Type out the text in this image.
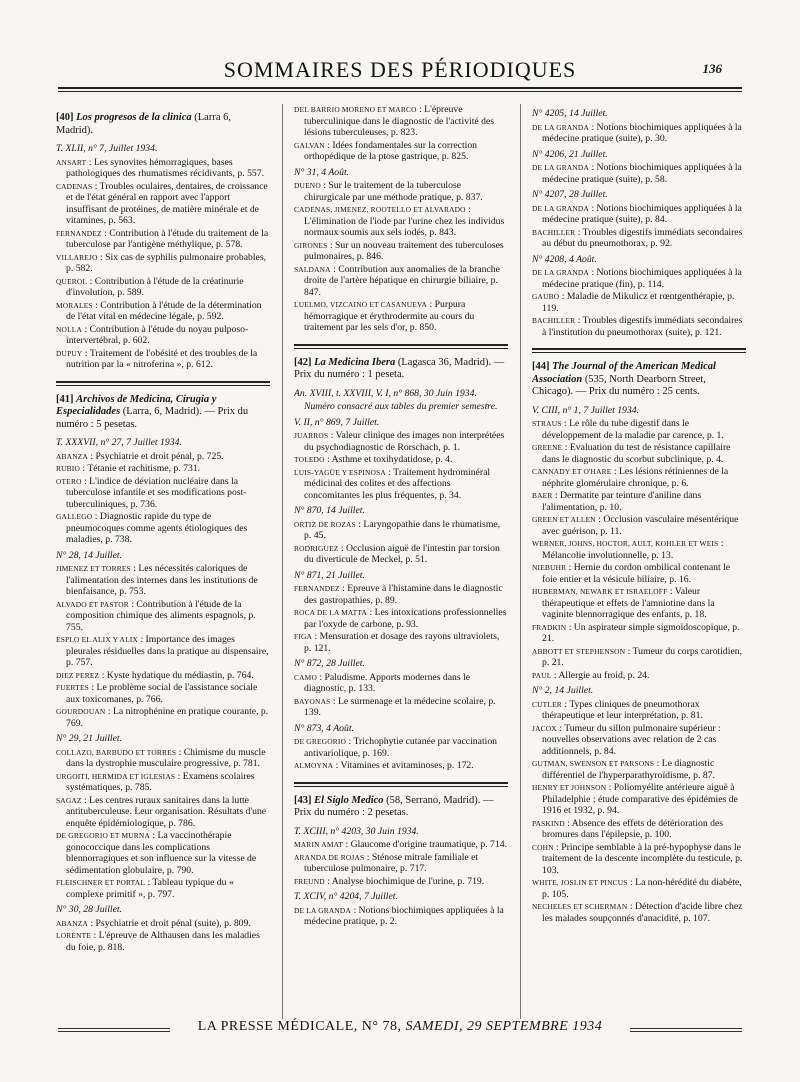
SOMMAIRES DES PÉRIODIQUES	136
[40] Los progresos de la clinica (Larra 6, Madrid).
T. XLII, n° 7, Juillet 1934.
ANSART : Les synovites hémorragiques, bases pathologiques des rhumatismes récidivants, p. 557.
CADENAS : Troubles oculaires, dentaires, de croissance et de l'état général en rapport avec l'apport insuffisant de protéines, de matière minérale et de vitamines, p. 563.
FERNANDEZ : Contribution à l'étude du traitement de la tuberculose par l'antigène méthylique, p. 578.
VILLAREJO : Six cas de syphilis pulmonaire probables, p. 582.
QUEROL : Contribution à l'étude de la créatinurie d'involution, p. 589.
MORALES : Contribution à l'étude de la détermination de l'état vital en médecine légale, p. 592.
NOLLA : Contribution à l'étude du noyau pulposo-intervertébral, p. 602.
DUPUY : Traitement de l'obésité et des troubles de la nutrition par la « nitroferina », p. 612.
[41] Archivos de Medicina, Cirugia y Especialidades (Larra, 6, Madrid). — Prix du numéro : 5 pesetas.
T. XXXVII, n° 27, 7 Juillet 1934.
ABANZA : Psychiatrie et droit pénal, p. 725.
RUBIO : Tétanie et rachitisme, p. 731.
OTERO : L'indice de déviation nucléaire dans la tuberculose infantile et ses modifications post-tuberculiniques, p. 736.
GALLEGO : Diagnostic rapide du type de pneumocoques comme agents étiologiques des maladies, p. 738.
N° 28, 14 Juillet.
JIMENEZ ET TORRES : Les nécessités caloriques de l'alimentation des internes dans les institutions de bienfaisance, p. 753.
ALVADO ET PASTOR : Contribution à l'étude de la composition chimique des aliments espagnols, p. 755.
ESPLO EL ALIX Y ALIX : Importance des images pleurales résiduelles dans la pratique au dispensaire, p. 757.
DIEZ PEREZ : Kyste hydatique du médiastin, p. 764.
FUERTES : Le problème social de l'assistance sociale aux toxicomanes, p. 766.
GOURDOUAN : La nitrophénine en pratique courante, p. 769.
N° 29, 21 Juillet.
COLLAZO, BARBUDO ET TORRES : Chimisme du muscle dans la dystrophie musculaire progressive, p. 781.
URGOITI, HERMIDA ET IGLESIAS : Examens scolaires systématiques, p. 785.
SAGAZ : Les centres ruraux sanitaires dans la lutte antituberculeuse. Leur organisation. Résultats d'une enquête épidémiologique, p. 786.
DE GREGORIO ET MURNA : La vaccinothérapie gonococcique dans les complications blennorragiques et son influence sur la vitesse de sédimentation globulaire, p. 790.
FLEISCHNER ET PORTAL : Tableau typique du « complexe primitif », p. 797.
N° 30, 28 Juillet.
ABANZA : Psychiatrie et droit pénal (suite), p. 809.
LORENTE : L'épreuve de Althausen dans les maladies du foie, p. 818.
DEL BARRIO MORENO ET MARCO : L'épreuve tuberculinique dans le diagnostic de l'activité des lésions tuberculeuses, p. 823.
GALVAN : Idées fondamentales sur la correction orthopédique de la ptose gastrique, p. 825.
N° 31, 4 Août.
DUENO : Sur le traitement de la tuberculose chirurgicale par une méthode pratique, p. 837.
CADENAS, JIMENEZ, ROOTELLO ET ALVARADO : L'élimination de l'iode par l'urine chez les individus normaux soumis aux sels iodés, p. 843.
GIRONES : Sur un nouveau traitement des tuberculoses pulmonaires, p. 846.
SALDANA : Contribution aux anomalies de la branche droite de l'artère hépatique en chirurgie biliaire, p. 847.
LUELMO, VIZCAINO ET CASANUEVA : Purpura hémorragique et érythrodermite au cours du traitement par les sels d'or, p. 850.
[42] La Medicina Ibera (Lagasca 36, Madrid). — Prix du numéro : 1 peseta.
An. XVIII, t. XXVIII, V. I, n° 868, 30 Juin 1934.
Numéro consacré aux tables du premier semestre.
V. II, n° 869, 7 Juillet.
JUARROS : Valeur clinique des images non interprétées du psychodiagnostic de Rorschach, p. 1.
TOLEDO : Asthme et toxihydatidose, p. 4.
LUIS-YAGÜE Y ESPINOSA : Traitement hydrominéral médicinal des colites et des affections concomitantes les plus fréquentes, p. 34.
N° 870, 14 Juillet.
ORTIZ DE ROZAS : Laryngopathie dans le rhumatisme, p. 45.
RODRIGUEZ : Occlusion aiguë de l'intestin par torsion du diverticule de Meckel, p. 51.
N° 871, 21 Juillet.
FERNANDEZ : Epreuve à l'histamine dans le diagnostic des gastropathies, p. 89.
ROCA DE LA MATTA : Les intoxications professionnelles par l'oxyde de carbone, p. 93.
FIGA : Mensuration et dosage des rayons ultraviolets, p. 121.
N° 872, 28 Juillet.
CAMO : Paludisme. Apports modernes dans le diagnostic, p. 133.
BAYONAS : Le surmenage et la médecine scolaire, p. 139.
N° 873, 4 Août.
DE GREGORIO : Trichophytie cutanée par vaccination antivariolique, p. 169.
ALMOYNA : Vitamines et avitaminoses, p. 172.
[43] El Siglo Medico (58, Serrano, Madrid). — Prix du numéro : 2 pesetas.
T. XCIII, n° 4203, 30 Juin 1934.
MARIN AMAT : Glaucome d'origine traumatique, p. 714.
ARANDA DE ROJAS : Sténose mitrale familiale et tuberculose pulmonaire, p. 717.
FREUND : Analyse biochimique de l'urine, p. 719.
T. XCIV, n° 4204, 7 Juillet.
DE LA GRANDA : Notions biochimiques appliquées à la médecine pratique, p. 2.
N° 4205, 14 Juillet.
DE LA GRANDA : Notions biochimiques appliquées à la médecine pratique (suite), p. 30.
N° 4206, 21 Juillet.
DE LA GRANDA : Notions biochimiques appliquées à la médecine pratique (suite), p. 58.
N° 4207, 28 Juillet.
DE LA GRANDA : Notions biochimiques appliquées à la médecine pratique (suite), p. 84.
BACHILLER : Troubles digestifs immédiats secondaires au début du pneumothorax, p. 92.
N° 4208, 4 Août.
DE LA GRANDA : Notions biochimiques appliquées à la médecine pratique (fin), p. 114.
GAUBO : Maladie de Mikulicz et rœntgenthérapie, p. 119.
BACHILLER : Troubles digestifs immédiats secondaires à l'institution du pneumothorax (suite), p. 121.
[44] The Journal of the American Medical Association (535, North Dearborn Street, Chicago). — Prix du numéro : 25 cents.
V. CIII, n° 1, 7 Juillet 1934.
STRAUS : Le rôle du tube digestif dans le développement de la maladie par carence, p. 1.
GREENE : Evaluation du test de résistance capillaire dans le diagnostic du scorbut subclinique, p. 4.
CANNADY ET O'HARE : Les lésions rétiniennes de la néphrite glomérulaire chronique, p. 6.
BAER : Dermatite par teinture d'aniline dans l'alimentation, p. 10.
GREEN ET ALLEN : Occlusion vasculaire mésentérique avec guérison, p. 11.
WERNER, JOHNS, HOCTOR, AULT, KOHLER ET WEIS : Mélancolie involutionnelle, p. 13.
NIEBUHR : Hernie du cordon ombilical contenant le foie entier et la vésicule biliaire, p. 16.
HUBERMAN, NEWARK ET ISRAELOFF : Valeur thérapeutique et effets de l'amniotine dans la vaginite blennorragique des enfants, p. 18.
FRADKIN : Un aspirateur simple sigmoïdoscopique, p. 21.
ABBOTT ET STEPHENSON : Tumeur du corps carotidien, p. 21.
PAUL : Allergie au froid, p. 24.
N° 2, 14 Juillet.
CUTLER : Types cliniques de pneumothorax thérapeutique et leur interprétation, p. 81.
JACOX : Tumeur du sillon pulmonaire supérieur : nouvelles observations avec relation de 2 cas additionnels, p. 84.
GUTMAN, SWENSON ET PARSONS : Le diagnostic différentiel de l'hyperparathyroïdisme, p. 87.
HENRY ET JOHNSON : Poliomyélite antérieure aiguë à Philadelphie ; étude comparative des épidémies de 1916 et 1932, p. 94.
PASKIND : Absence des effets de détérioration des bromures dans l'épilepsie, p. 100.
COHN : Principe semblable à la pré-hypophyse dans le traitement de la descente incomplète du testicule, p. 103.
WHITE, JOSLIN ET PINCUS : La non-hérédité du diabète, p. 105.
NECHELES ET SCHERMAN : Détection d'acide libre chez les malades soupçonnés d'anacidité, p. 107.
LA PRESSE MÉDICALE, N° 78, SAMEDI, 29 SEPTEMBRE 1934
